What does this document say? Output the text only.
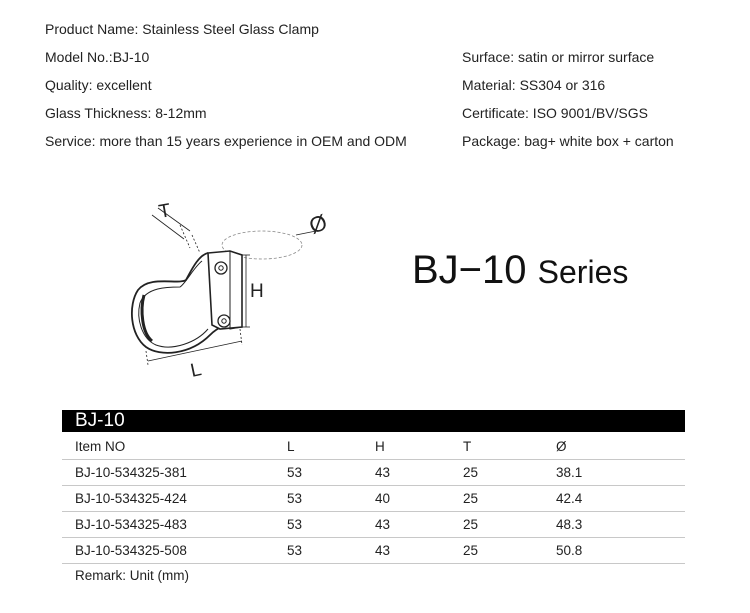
Product Name: Stainless Steel Glass Clamp
Model No.:BJ-10
Quality: excellent
Glass Thickness: 8-12mm
Service: more than 15 years experience in OEM and ODM
Surface: satin or mirror surface
Material: SS304 or 316
Certificate: ISO 9001/BV/SGS
Package: bag+ white box + carton
T	Ø
H
L
BJ−10 Series
BJ-10
Item NO	L	H	T	Ø
BJ-10-534325-381	53	43	25	38.1
BJ-10-534325-424	53	40	25	42.4
BJ-10-534325-483	53	43	25	48.3
BJ-10-534325-508	53	43	25	50.8
Remark: Unit (mm)
